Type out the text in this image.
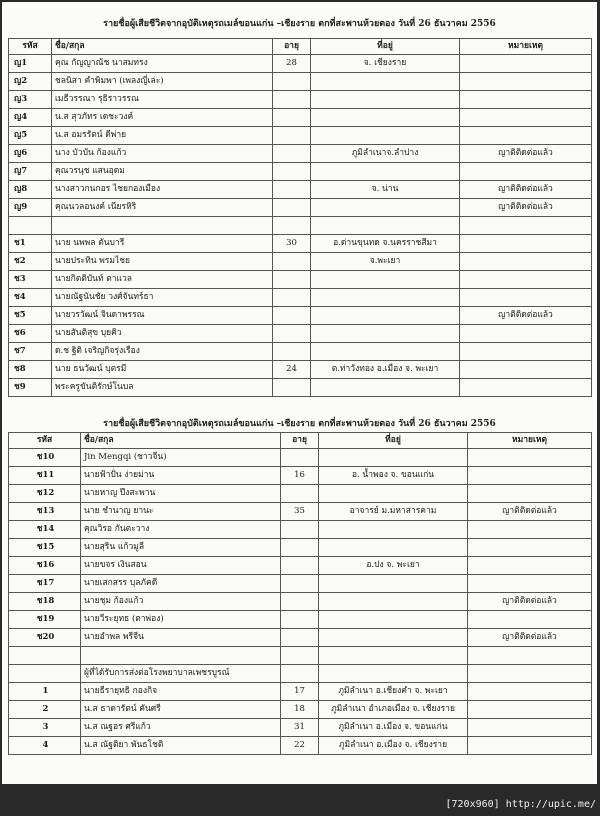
รายชื่อผู้เสียชีวิตจากอุบัติเหตุรถเมล์ขอนแก่น –เชียงราย ตกที่สะพานห้วยตอง วันที่ 26 ธันวาคม 2556
รหัส	ชื่อ/สกุล	อายุ	ที่อยู่	หมายเหตุ
ญ1	คุณ กัญญาณัช นาสมทรง	28	จ. เชียงราย	
ญ2	ชลนิสา คำพิมพา (เพลงญี่เล่ะ)			
ญ3	เมธีวรรณา รุธิราวรรณ			
ญ4	น.ส สุวภัทร เดชะวงค์			
ญ5	น.ส อมรรัตน์ ดีพ่าย			
ญ6	นาง บัวบัน ก้องแก้ว		ภูมิลำเนาจ.ลำปาง	ญาติติดต่อแล้ว
ญ7	คุณวรนุช แสนอุดม			
ญ8	นางสาวกนกอร ไชยกองเมือง		จ. น่าน	ญาติติดต่อแล้ว
ญ9	คุณนวลอนงค์ เนียรหิริ			ญาติติดต่อแล้ว

ช1	นาย นพพล ตันบารี	30	อ.ด่านขุนทด จ.นครราชสีมา	
ช2	นายประทิน พรมไชย		จ.พะเยา	
ช3	นายกิตติบันท์ ตาแวล			
ช4	นายณัฐนันชัย วงศ์จันทร์ธา			
ช5	นายวรวัฒน์ จินดาพรรณ			ญาติติดต่อแล้ว
ช6	นายสันติสุข บุยคิว			
ช7	ด.ช ฐิติ เจริญกิจรุ่งเรือง			
ช8	นาย ธนวัฒน์ บุตรมี	24	ต.ท่าวังทอง อ.เมือง จ. พะเยา	
ช9	พระครูขันติรักษ์โนบล			
รายชื่อผู้เสียชีวิตจากอุบัติเหตุรถเมล์ขอนแก่น –เชียงราย ตกที่สะพานห้วยตอง วันที่ 26 ธันวาคม 2556
รหัส	ชื่อ/สกุล	อายุ	ที่อยู่	หมายเหตุ
ช10	Jin Mengqi (ชาวจีน)			
ช11	นายฟ้าปั่น ง่ายม่าน	16	อ. น้ำพอง จ. ขอนแก่น	
ช12	นายหาญ ปึงสะพาน			
ช13	นาย ชำนาญ ยานะ	35	อาจารย์ ม.มหาสารคาม	ญาติติดต่อแล้ว
ช14	คุณวิรอ กันตะวาง			
ช15	นายสุริน แก้วมูลี			
ช16	นายขจร เงินสอน		อ.ปง จ. พะเยา	
ช17	นายเสกสรร บุลภัคดี			
ช18	นายชุม ก้องแก้ว			ญาติติดต่อแล้ว
ช19	นายวีระยุทธ (ตาพ่อง)			
ช20	นายอำพล พรีจีน			ญาติติดต่อแล้ว

	ผู้ที่ได้รับการส่งต่อโรงพยาบาลเพชรบูรณ์			
1	นายธีรายุทธิ กองกิจ	17	ภูมิลำเนา อ.เชียงคำ จ. พะเยา	
2	น.ส ธาดารัตน์ คันศรี	18	ภูมิลำเนา อำเภอเมือง จ. เชียงราย	
3	น.ส ณฐอร ศรีแก้ว	31	ภูมิลำเนา อ.เมือง จ. ขอนแก่น	
4	น.ส ณัฐติยา พันธโชติ	22	ภูมิลำเนา อ.เมือง จ. เชียงราย	
[720x960] http://upic.me/
